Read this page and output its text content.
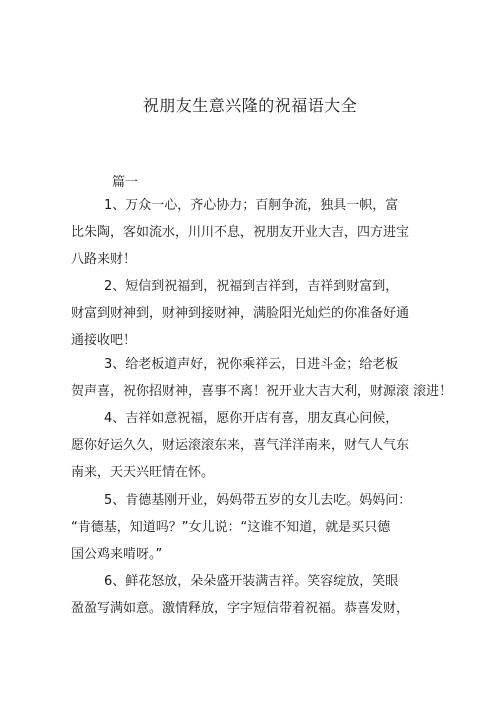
祝朋友生意兴隆的祝福语大全
篇一
1、万众一心，齐心协力；百舸争流，独具一帜，富
比朱陶，客如流水，川川不息，祝朋友开业大吉，四方进宝
八路来财！
2、短信到祝福到，祝福到吉祥到，吉祥到财富到，
财富到财神到，财神到接财神，满脸阳光灿烂的你准备好通
通接收吧！
3、给老板道声好，祝你乘祥云，日进斗金；给老板
贺声喜，祝你招财神，喜事不离！祝开业大吉大利，财源滚 滚进！
4、吉祥如意祝福，愿你开店有喜，朋友真心问候，
愿你好运久久，财运滚滚东来，喜气洋洋南来，财气人气东
南来，天天兴旺情在怀。
5、肯德基刚开业，妈妈带五岁的女儿去吃。妈妈问：
“肯德基，知道吗？”女儿说：“这谁不知道，就是买只德
国公鸡来啃呀。”
6、鲜花怒放，朵朵盛开装满吉祥。笑容绽放，笑眼
盈盈写满如意。激情释放，字字短信带着祝福。恭喜发财，
